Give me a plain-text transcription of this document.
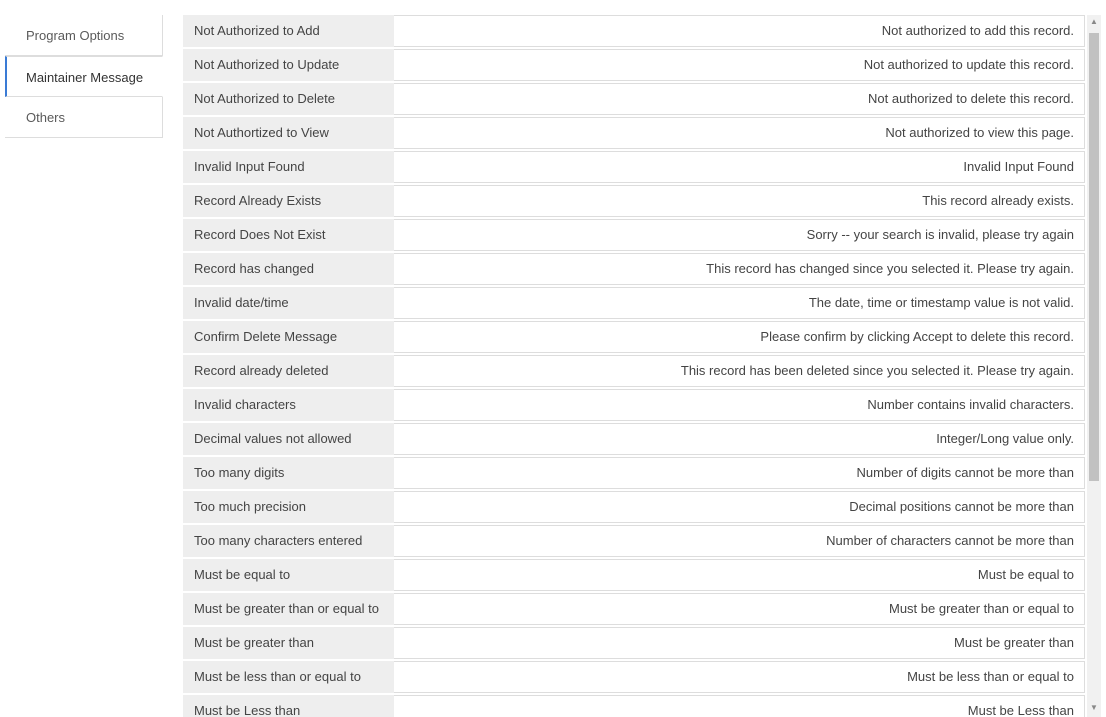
Program Options
Maintainer Message
Others
Not Authorized to Add	Not authorized to add this record.
Not Authorized to Update	Not authorized to update this record.
Not Authorized to Delete	Not authorized to delete this record.
Not Authortized to View	Not authorized to view this page.
Invalid Input Found	Invalid Input Found
Record Already Exists	This record already exists.
Record Does Not Exist	Sorry -- your search is invalid, please try again
Record has changed	This record has changed since you selected it. Please try again.
Invalid date/time	The date, time or timestamp value is not valid.
Confirm Delete Message	Please confirm by clicking Accept to delete this record.
Record already deleted	This record has been deleted since you selected it. Please try again.
Invalid characters	Number contains invalid characters.
Decimal values not allowed	Integer/Long value only.
Too many digits	Number of digits cannot be more than
Too much precision	Decimal positions cannot be more than
Too many characters entered	Number of characters cannot be more than
Must be equal to	Must be equal to
Must be greater than or equal to	Must be greater than or equal to
Must be greater than	Must be greater than
Must be less than or equal to	Must be less than or equal to
Must be Less than	Must be Less than
▲
▼
